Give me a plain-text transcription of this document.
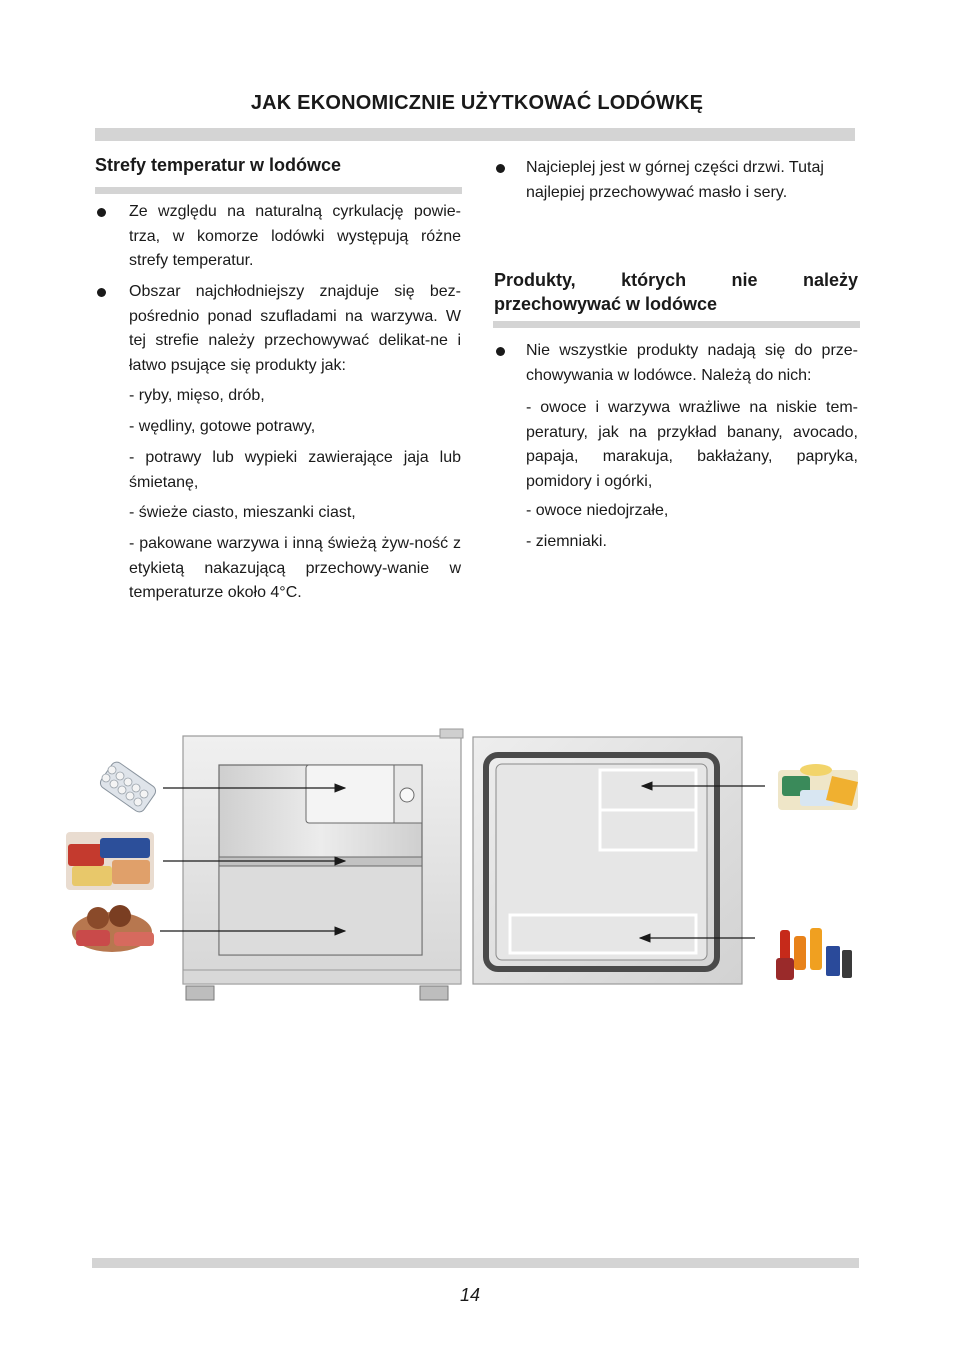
JAK EKONOMICZNIE UŻYTKOWAĆ LODÓWKĘ
Strefy temperatur w lodówce
Ze względu na naturalną cyrkulację powie-trza, w komorze lodówki występują różne strefy temperatur.
Obszar najchłodniejszy znajduje się bez-pośrednio ponad szufladami na warzywa. W tej strefie należy przechowywać delikat-ne i łatwo psujące się produkty jak:
- ryby, mięso, drób,
- wędliny, gotowe potrawy,
- potrawy lub wypieki zawierające jaja lub śmietanę,
- świeże ciasto, mieszanki ciast,
- pakowane warzywa i inną świeżą żyw-ność z etykietą nakazującą przechowy-wanie w temperaturze około 4°C.
Najcieplej jest w górnej części drzwi. Tutaj najlepiej przechowywać masło i sery.
Produkty, których nie należy przechowywać w lodówce
Nie wszystkie produkty nadają się do prze-chowywania w lodówce. Należą do nich:
- owoce i warzywa wrażliwe na niskie tem-peratury, jak na przykład banany, avocado, papaja, marakuja, bakłażany, papryka, pomidory i ogórki,
- owoce niedojrzałe,
- ziemniaki.
14
